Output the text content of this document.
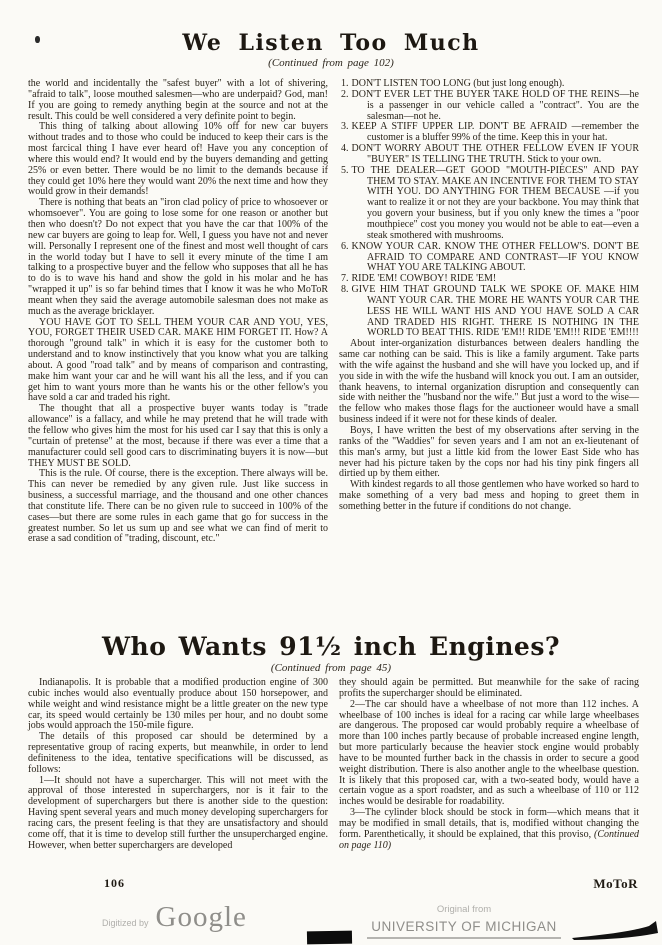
We Listen Too Much

(Continued from page 102)

the world and incidentally the "safest buyer" with a lot of shivering, "afraid to talk", loose mouthed salesmen—who are underpaid? God, man! If you are going to remedy anything begin at the source and not at the result. This could be well considered a very definite point to begin.

This thing of talking about allowing 10% off for new car buyers without trades and to those who could be induced to keep their cars is the most farcical thing I have ever heard of! Have you any conception of where this would end? It would end by the buyers demanding and getting 25% or even better. There would be no limit to the demands because if they could get 10% here they would want 20% the next time and how they would grow in their demands!

There is nothing that beats an "iron clad policy of price to whosoever or whomsoever". You are going to lose some for one reason or another but then who doesn't? Do not expect that you have the car that 100% of the new car buyers are going to leap for. Well, I guess you have not and never will. Personally I represent one of the finest and most well thought of cars in the world today but I have to sell it every minute of the time I am talking to a prospective buyer and the fellow who supposes that all he has to do is to wave his hand and show the gold in his molar and he has "wrapped it up" is so far behind times that I know it was he who MoToR meant when they said the average automobile salesman does not make as much as the average bricklayer.

YOU HAVE GOT TO SELL THEM YOUR CAR AND YOU, YES, YOU, FORGET THEIR USED CAR. MAKE HIM FORGET IT. How? A thorough "ground talk" in which it is easy for the customer both to understand and to know instinctively that you know what you are talking about. A good "road talk" and by means of comparison and contrasting, make him want your car and he will want his all the less, and if you can get him to want yours more than he wants his or the other fellow's you have sold a car and traded his right.

The thought that all a prospective buyer wants today is "trade allowance" is a fallacy, and while he may pretend that he will trade with the fellow who gives him the most for his used car I say that this is only a "curtain of pretense" at the most, because if there was ever a time that a manufacturer could sell good cars to discriminating buyers it is now—but THEY MUST BE SOLD.

This is the rule. Of course, there is the exception. There always will be. This can never be remedied by any given rule. Just like success in business, a successful marriage, and the thousand and one other chances that constitute life. There can be no given rule to succeed in 100% of the cases—but there are some rules in each game that go for success in the greatest number. So let us sum up and see what we can find of merit to erase a sad condition of "trading, discount, etc."

1. DON'T LISTEN TOO LONG (but just long enough).
2. DON'T EVER LET THE BUYER TAKE HOLD OF THE REINS—he is a passenger in our vehicle called a "contract". You are the salesman—not he.
3. KEEP A STIFF UPPER LIP. DON'T BE AFRAID —remember the customer is a bluffer 99% of the time. Keep this in your hat.
4. DON'T WORRY ABOUT THE OTHER FELLOW EVEN IF YOUR "BUYER" IS TELLING THE TRUTH. Stick to your own.
5. TO THE DEALER—GET GOOD "MOUTH-PIECES" AND PAY THEM TO STAY. MAKE AN INCENTIVE FOR THEM TO STAY WITH YOU. DO ANYTHING FOR THEM BECAUSE —if you want to realize it or not they are your backbone. You may think that you govern your business, but if you only knew the times a "poor mouthpiece" cost you money you would not be able to eat—even a steak smothered with mushrooms.
6. KNOW YOUR CAR. KNOW THE OTHER FELLOW'S. DON'T BE AFRAID TO COMPARE AND CONTRAST—IF YOU KNOW WHAT YOU ARE TALKING ABOUT.
7. RIDE 'EM! COWBOY! RIDE 'EM!
8. GIVE HIM THAT GROUND TALK WE SPOKE OF. MAKE HIM WANT YOUR CAR. THE MORE HE WANTS YOUR CAR THE LESS HE WILL WANT HIS AND YOU HAVE SOLD A CAR AND TRADED HIS RIGHT. THERE IS NOTHING IN THE WORLD TO BEAT THIS. RIDE 'EM!! RIDE 'EM!!! RIDE 'EM!!!!

About inter-organization disturbances between dealers handling the same car nothing can be said. This is like a family argument. Take parts with the wife against the husband and she will have you locked up, and if you side in with the wife the husband will knock you out. I am an outsider, thank heavens, to internal organization disruption and consequently can side with neither the "husband nor the wife." But just a word to the wise—the fellow who makes those flags for the auctioneer would have a small business indeed if it were not for these kinds of dealer.

Boys, I have written the best of my observations after serving in the ranks of the "Waddies" for seven years and I am not an ex-lieutenant of this man's army, but just a little kid from the lower East Side who has never had his picture taken by the cops nor had his tiny pink fingers all dirtied up by them either.

With kindest regards to all those gentlemen who have worked so hard to make something of a very bad mess and hoping to greet them in something better in the future if conditions do not change.

Who Wants 91½ inch Engines?

(Continued from page 45)

Indianapolis. It is probable that a modified production engine of 300 cubic inches would also eventually produce about 150 horsepower, and while weight and wind resistance might be a little greater on the new type car, its speed would certainly be 130 miles per hour, and no doubt some jobs would approach the 150-mile figure.

The details of this proposed car should be determined by a representative group of racing experts, but meanwhile, in order to lend definiteness to the idea, tentative specifications will be discussed, as follows:

1—It should not have a supercharger. This will not meet with the approval of those interested in superchargers, nor is it fair to the development of superchargers but there is another side to the question: Having spent several years and much money developing superchargers for racing cars, the present feeling is that they are unsatisfactory and should come off, that it is time to develop still further the unsupercharged engine. However, when better superchargers are developed

they should again be permitted. But meanwhile for the sake of racing profits the supercharger should be eliminated.

2—The car should have a wheelbase of not more than 112 inches. A wheelbase of 100 inches is ideal for a racing car while large wheelbases are dangerous. The proposed car would probably require a wheelbase of more than 100 inches partly because of probable increased engine length, but more particularly because the heavier stock engine would probably have to be mounted further back in the chassis in order to secure a good weight distribution. There is also another angle to the wheelbase question. It is likely that this proposed car, with a two-seated body, would have a certain vogue as a sport roadster, and as such a wheelbase of 110 or 112 inches would be desirable for roadability.

3—The cylinder block should be stock in form—which means that it may be modified in small details, that is, modified without changing the form. Parenthetically, it should be explained, that this proviso, (Continued on page 110)

106	MoToR
Digitized by Google	Original from
UNIVERSITY OF MICHIGAN
